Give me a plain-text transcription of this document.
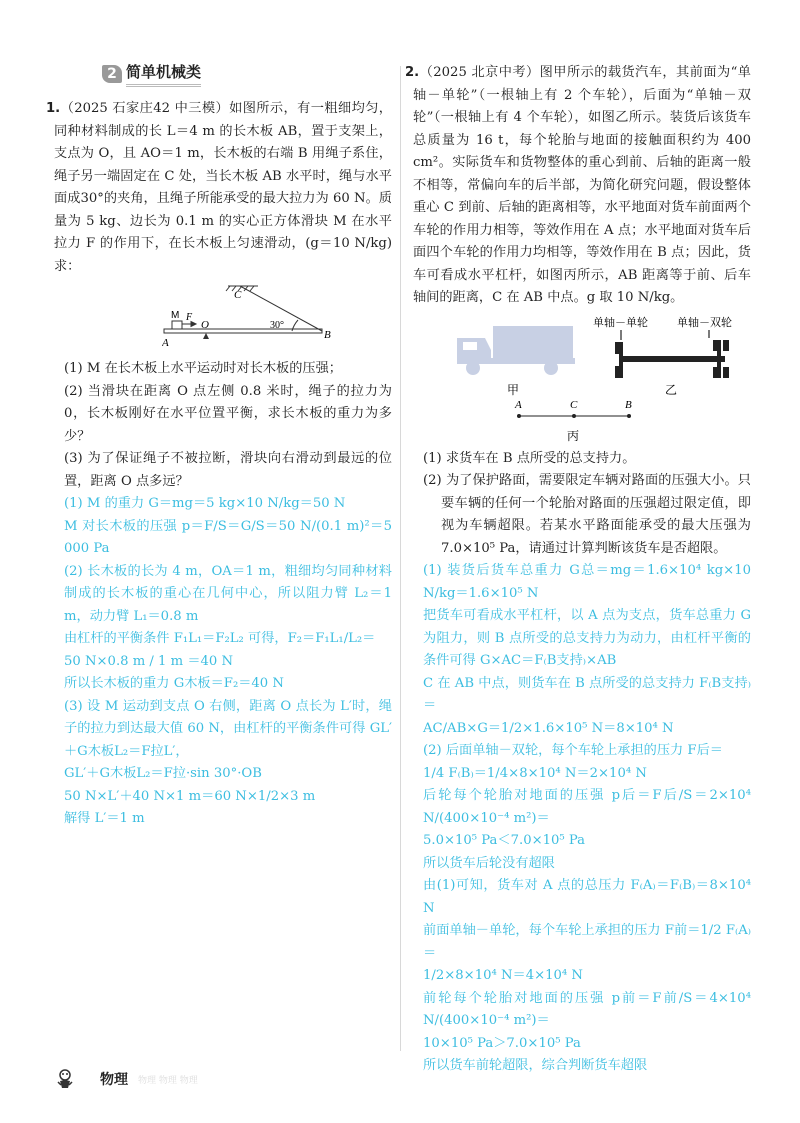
2 简单机械类

1.（2025 石家庄42 中三模）如图所示，有一粗细均匀，同种材料制成的长 L＝4 m 的长木板 AB，置于支架上，支点为 O，且 AO＝1 m，长木板的右端 B 用绳子系住，绳子另一端固定在 C 处，当长木板 AB 水平时，绳与水平面成30°的夹角，且绳子所能承受的最大拉力为 60 N。质量为 5 kg、边长为 0.1 m 的实心正方体滑块 M 在水平拉力 F 的作用下，在长木板上匀速滑动，(g＝10 N/kg) 求：

C
M F
O
A
B
30°

(1) M 在长木板上水平运动时对长木板的压强；

(2) 当滑块在距离 O 点左侧 0.8 米时，绳子的拉力为 0，长木板刚好在水平位置平衡，求长木板的重力为多少？

(3) 为了保证绳子不被拉断，滑块向右滑动到最远的位置，距离 O 点多远？

(1) M 的重力 G＝mg＝5 kg×10 N/kg＝50 N

M 对长木板的压强 p＝F/S＝G/S＝50 N/(0.1 m)²＝5 000 Pa

(2) 长木板的长为 4 m，OA＝1 m，粗细均匀同种材料制成的长木板的重心在几何中心，所以阻力臂 L₂＝1 m，动力臂 L₁＝0.8 m

由杠杆的平衡条件 F₁L₁＝F₂L₂ 可得，F₂＝F₁L₁/L₂＝

50 N×0.8 m / 1 m ＝40 N

所以长木板的重力 G木板＝F₂＝40 N

(3) 设 M 运动到支点 O 右侧，距离 O 点长为 L′时，绳子的拉力到达最大值 60 N，由杠杆的平衡条件可得 GL′＋G木板L₂＝F拉L′，

GL′＋G木板L₂＝F拉·sin 30°·OB

50 N×L′＋40 N×1 m＝60 N×1/2×3 m

解得 L′＝1 m

2.（2025 北京中考）图甲所示的载货汽车，其前面为“单轴－单轮”（一根轴上有 2 个车轮），后面为“单轴－双轮”（一根轴上有 4 个车轮），如图乙所示。装货后该货车总质量为 16 t，每个轮胎与地面的接触面积约为 400 cm²。实际货车和货物整体的重心到前、后轴的距离一般不相等，常偏向车的后半部，为简化研究问题，假设整体重心 C 到前、后轴的距离相等，水平地面对货车前面两个车轮的作用力相等，等效作用在 A 点；水平地面对货车后面四个车轮的作用力均相等，等效作用在 B 点；因此，货车可看成水平杠杆，如图丙所示，AB 距离等于前、后车轴间的距离，C 在 AB 中点。g 取 10 N/kg。

甲
单轴－单轮	单轴－双轮
乙
A	C	B
丙

(1) 求货车在 B 点所受的总支持力。

(2) 为了保护路面，需要限定车辆对路面的压强大小。只要车辆的任何一个轮胎对路面的压强超过限定值，即视为车辆超限。若某水平路面能承受的最大压强为 7.0×10⁵ Pa，请通过计算判断该货车是否超限。

(1) 装货后货车总重力 G总＝mg＝1.6×10⁴ kg×10 N/kg＝1.6×10⁵ N

把货车可看成水平杠杆，以 A 点为支点，货车总重力 G 为阻力，则 B 点所受的总支持力为动力，由杠杆平衡的条件可得 G×AC＝F₍B支持₎×AB

C 在 AB 中点，则货车在 B 点所受的总支持力 F₍B支持₎＝

AC/AB×G＝1/2×1.6×10⁵ N＝8×10⁴ N

(2) 后面单轴－双轮，每个车轮上承担的压力 F后＝

1/4 F₍B₎＝1/4×8×10⁴ N＝2×10⁴ N

后轮每个轮胎对地面的压强 p后＝F后/S＝2×10⁴ N/(400×10⁻⁴ m²)＝

5.0×10⁵ Pa＜7.0×10⁵ Pa

所以货车后轮没有超限

由(1)可知，货车对 A 点的总压力 F₍A₎＝F₍B₎＝8×10⁴ N

前面单轴－单轮，每个车轮上承担的压力 F前＝1/2 F₍A₎＝

1/2×8×10⁴ N＝4×10⁴ N

前轮每个轮胎对地面的压强 p前＝F前/S＝4×10⁴ N/(400×10⁻⁴ m²)＝

10×10⁵ Pa＞7.0×10⁵ Pa

所以货车前轮超限，综合判断货车超限

物理 物理 物理 物理
